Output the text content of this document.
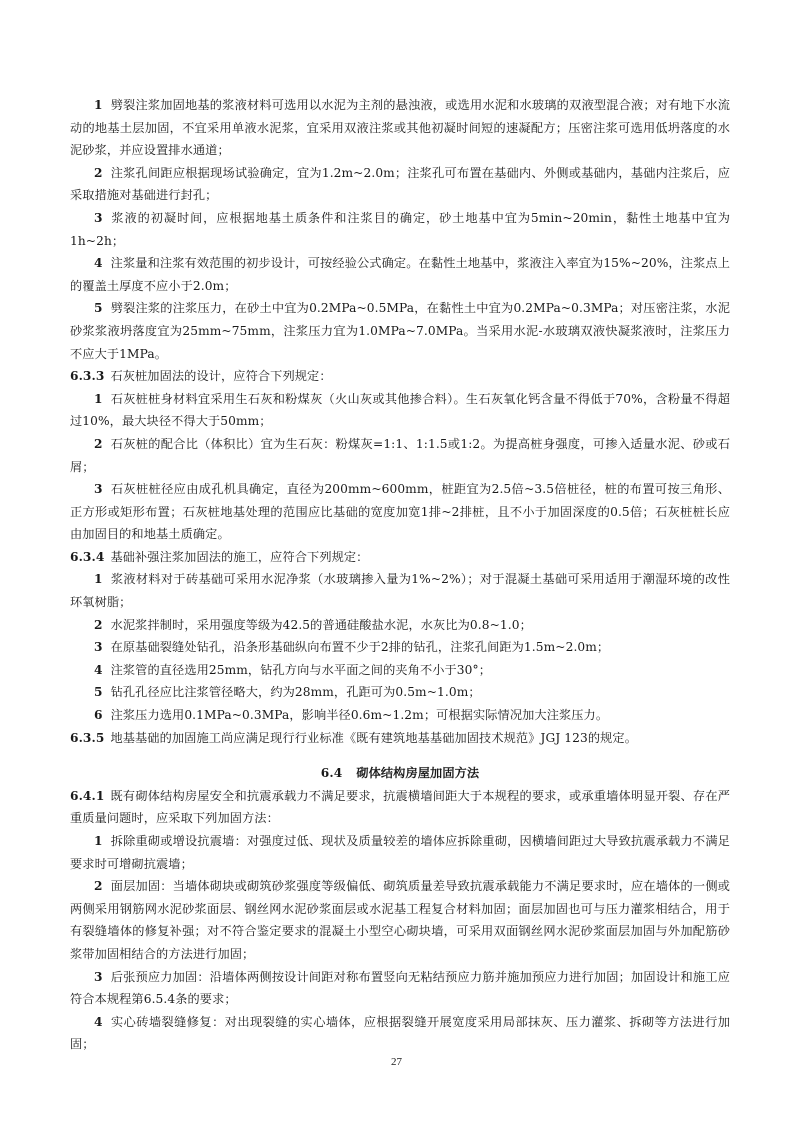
1 劈裂注浆加固地基的浆液材料可选用以水泥为主剂的悬浊液，或选用水泥和水玻璃的双液型混合液；对有地下水流动的地基土层加固，不宜采用单液水泥浆，宜采用双液注浆或其他初凝时间短的速凝配方；压密注浆可选用低坍落度的水泥砂浆，并应设置排水通道；

2 注浆孔间距应根据现场试验确定，宜为1.2m~2.0m；注浆孔可布置在基础内、外侧或基础内，基础内注浆后，应采取措施对基础进行封孔；

3 浆液的初凝时间，应根据地基土质条件和注浆目的确定，砂土地基中宜为5min~20min，黏性土地基中宜为1h~2h；

4 注浆量和注浆有效范围的初步设计，可按经验公式确定。在黏性土地基中，浆液注入率宜为15%~20%，注浆点上的覆盖土厚度不应小于2.0m；

5 劈裂注浆的注浆压力，在砂土中宜为0.2MPa~0.5MPa，在黏性土中宜为0.2MPa~0.3MPa；对压密注浆，水泥砂浆浆液坍落度宜为25mm~75mm，注浆压力宜为1.0MPa~7.0MPa。当采用水泥-水玻璃双液快凝浆液时，注浆压力不应大于1MPa。

6.3.3 石灰桩加固法的设计，应符合下列规定：

1 石灰桩桩身材料宜采用生石灰和粉煤灰（火山灰或其他掺合料）。生石灰氧化钙含量不得低于70%，含粉量不得超过10%，最大块径不得大于50mm；

2 石灰桩的配合比（体积比）宜为生石灰：粉煤灰=1:1、1:1.5或1:2。为提高桩身强度，可掺入适量水泥、砂或石屑；

3 石灰桩桩径应由成孔机具确定，直径为200mm~600mm，桩距宜为2.5倍~3.5倍桩径，桩的布置可按三角形、正方形或矩形布置；石灰桩地基处理的范围应比基础的宽度加宽1排~2排桩，且不小于加固深度的0.5倍；石灰桩桩长应由加固目的和地基土质确定。

6.3.4 基础补强注浆加固法的施工，应符合下列规定：

1 浆液材料对于砖基础可采用水泥净浆（水玻璃掺入量为1%~2%）；对于混凝土基础可采用适用于潮湿环境的改性环氧树脂；

2 水泥浆拌制时，采用强度等级为42.5的普通硅酸盐水泥，水灰比为0.8~1.0；

3 在原基础裂缝处钻孔，沿条形基础纵向布置不少于2排的钻孔，注浆孔间距为1.5m~2.0m；

4 注浆管的直径选用25mm，钻孔方向与水平面之间的夹角不小于30°；

5 钻孔孔径应比注浆管径略大，约为28mm，孔距可为0.5m~1.0m；

6 注浆压力选用0.1MPa~0.3MPa，影响半径0.6m~1.2m；可根据实际情况加大注浆压力。

6.3.5 地基基础的加固施工尚应满足现行行业标准《既有建筑地基基础加固技术规范》JGJ 123的规定。

6.4 砌体结构房屋加固方法

6.4.1 既有砌体结构房屋安全和抗震承载力不满足要求，抗震横墙间距大于本规程的要求，或承重墙体明显开裂、存在严重质量问题时，应采取下列加固方法：

1 拆除重砌或增设抗震墙：对强度过低、现状及质量较差的墙体应拆除重砌，因横墙间距过大导致抗震承载力不满足要求时可增砌抗震墙；

2 面层加固：当墙体砌块或砌筑砂浆强度等级偏低、砌筑质量差导致抗震承载能力不满足要求时，应在墙体的一侧或两侧采用钢筋网水泥砂浆面层、钢丝网水泥砂浆面层或水泥基工程复合材料加固；面层加固也可与压力灌浆相结合，用于有裂缝墙体的修复补强；对不符合鉴定要求的混凝土小型空心砌块墙，可采用双面钢丝网水泥砂浆面层加固与外加配筋砂浆带加固相结合的方法进行加固；

3 后张预应力加固：沿墙体两侧按设计间距对称布置竖向无粘结预应力筋并施加预应力进行加固；加固设计和施工应符合本规程第6.5.4条的要求；

4 实心砖墙裂缝修复：对出现裂缝的实心墙体，应根据裂缝开展宽度采用局部抹灰、压力灌浆、拆砌等方法进行加固；

27
